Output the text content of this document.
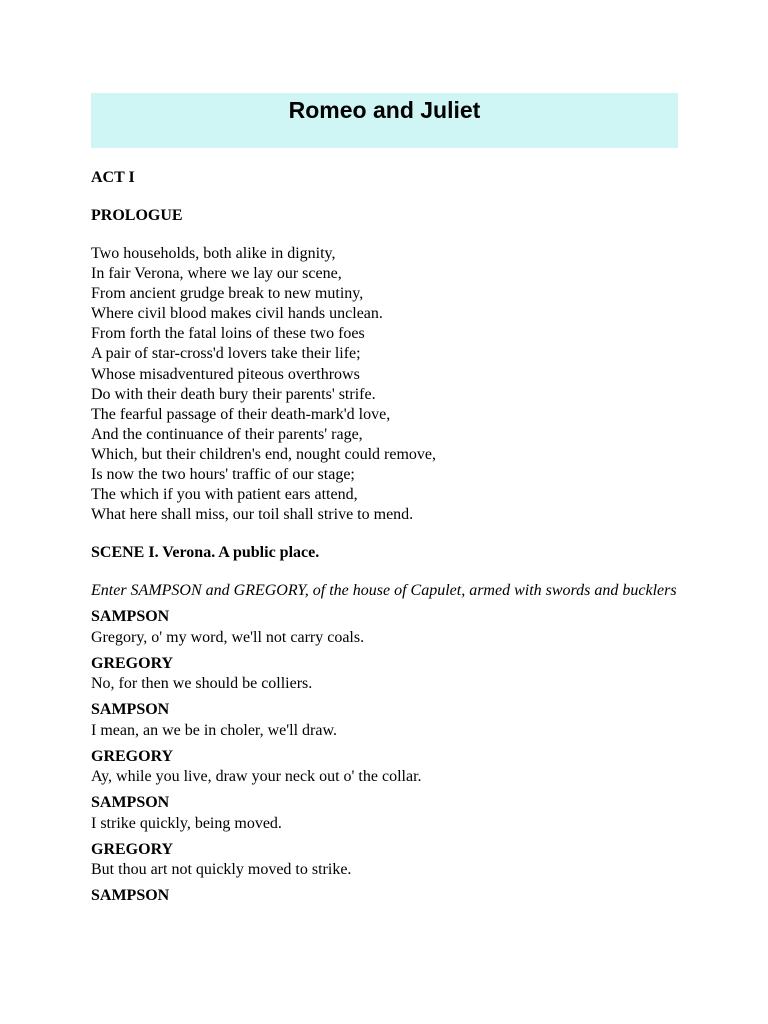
Romeo and Juliet
ACT I
PROLOGUE
Two households, both alike in dignity,
In fair Verona, where we lay our scene,
From ancient grudge break to new mutiny,
Where civil blood makes civil hands unclean.
From forth the fatal loins of these two foes
A pair of star-cross'd lovers take their life;
Whose misadventured piteous overthrows
Do with their death bury their parents' strife.
The fearful passage of their death-mark'd love,
And the continuance of their parents' rage,
Which, but their children's end, nought could remove,
Is now the two hours' traffic of our stage;
The which if you with patient ears attend,
What here shall miss, our toil shall strive to mend.
SCENE I. Verona. A public place.
Enter SAMPSON and GREGORY, of the house of Capulet, armed with swords and bucklers
SAMPSON
Gregory, o' my word, we'll not carry coals.
GREGORY
No, for then we should be colliers.
SAMPSON
I mean, an we be in choler, we'll draw.
GREGORY
Ay, while you live, draw your neck out o' the collar.
SAMPSON
I strike quickly, being moved.
GREGORY
But thou art not quickly moved to strike.
SAMPSON
